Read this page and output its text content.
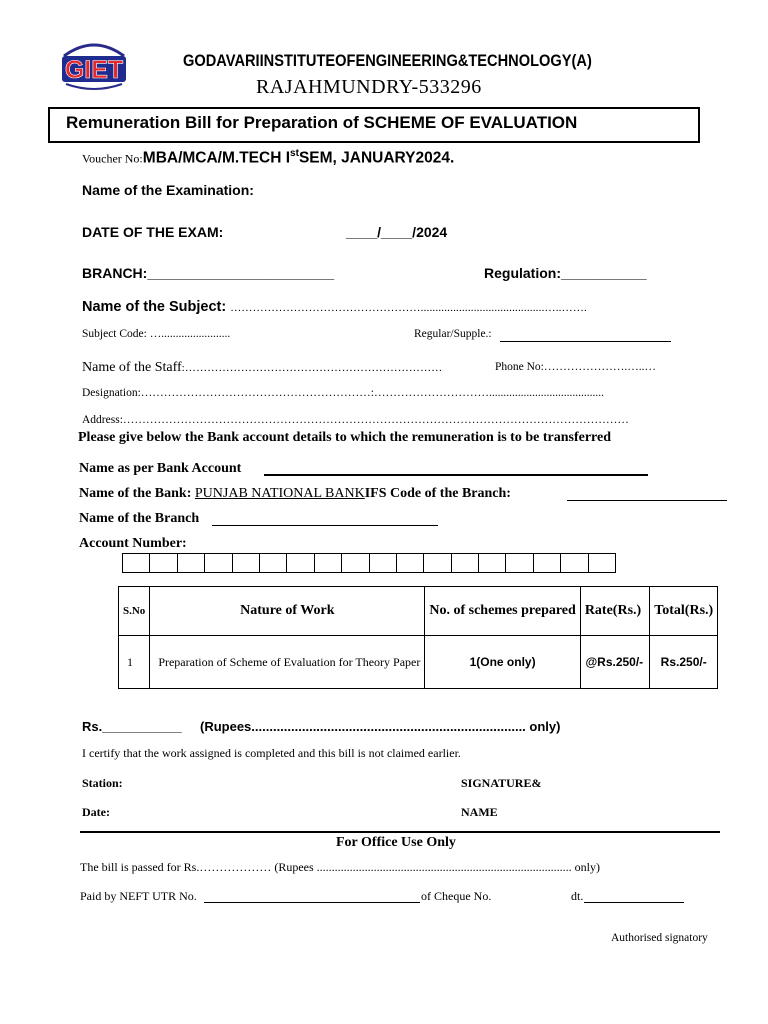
GIET	GODAVARIINSTITUTEOFENGINEERING&TECHNOLOGY(A)
RAJAHMUNDRY-533296
Remuneration Bill for Preparation of SCHEME OF EVALUATION
Voucher No:MBA/MCA/M.TECH IstSEM, JANUARY2024.
Name of the Examination:
DATE OF THE EXAM:	____/____/2024
BRANCH:________________________	Regulation:___________
Name of the Subject: ……………………………………………..........................................…..…….
Subject Code: …........................	Regular/Supple.:
Name of the Staff:……………………………………………………………	Phone No:………………….…..…
Designation:……………………………………………………:…………………………........................................
Address:……………………………………………………………………………………………………………………
Please give below the Bank account details to which the remuneration is to be transferred
Name as per Bank Account
Name of the Bank: PUNJAB NATIONAL BANKIFS Code of the Branch:
Name of the Branch
Account Number:
S.No	Nature of Work	No. of schemes prepared	Rate(Rs.)	Total(Rs.)
1	Preparation of Scheme of Evaluation for Theory Paper	1(One only)	@Rs.250/-	Rs.250/-
Rs.___________ (Rupees............................................................................ only)
I certify that the work assigned is completed and this bill is not claimed earlier.
Station:	SIGNATURE&
Date:	NAME
For Office Use Only
The bill is passed for Rs.……………… (Rupees ..................................................................................... only)
Paid by NEFT UTR No.	of Cheque No.	dt.
Authorised signatory
